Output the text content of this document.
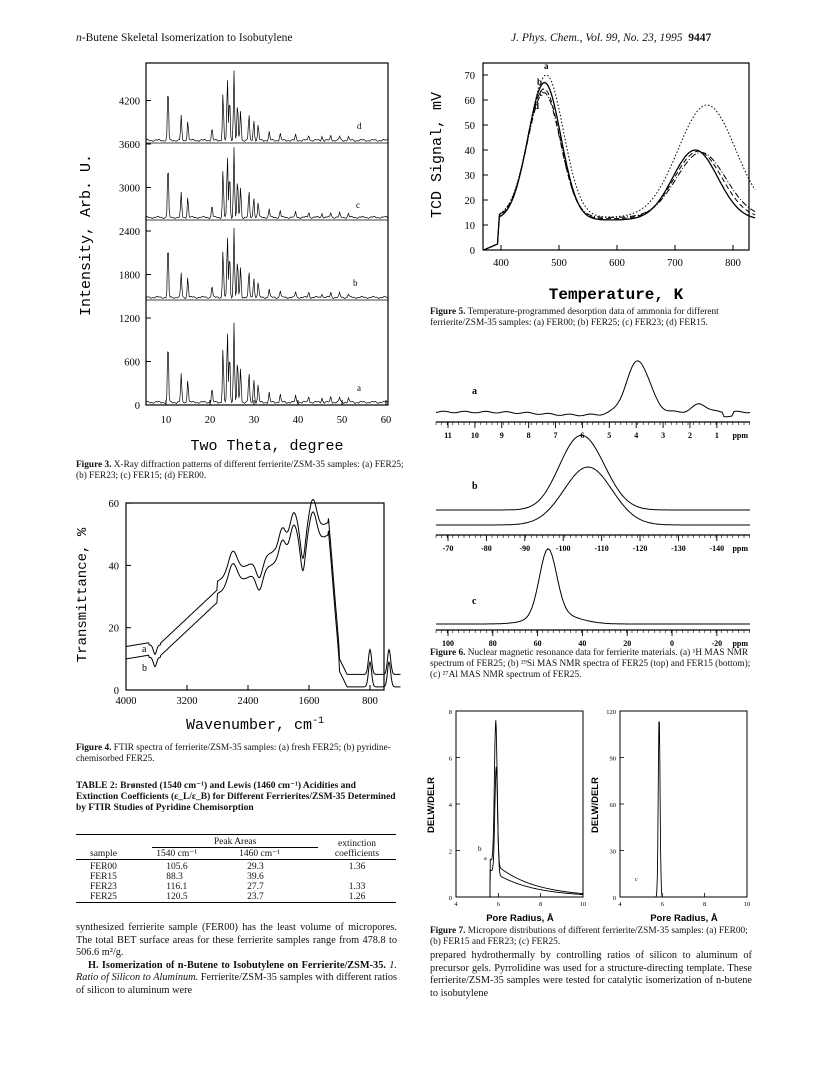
n-Butene Skeletal Isomerization to Isobutylene	J. Phys. Chem., Vol. 99, No. 23, 1995 9447
0
600
1200
1800
2400
3000
3600
4200
10	20	30	40	50	60
a
b
c
d
Intensity, Arb. U.
Two Theta, degree
Figure 3. X-Ray diffraction patterns of different ferrierite/ZSM-35 samples: (a) FER25; (b) FER23; (c) FER15; (d) FER00.
0
20
40
60
4000	3200	2400	1600	800
a
b
Transmittance, %
Wavenumber, $cm^{-1}$
Figure 4. FTIR spectra of ferrierite/ZSM-35 samples: (a) fresh FER25; (b) pyridine-chemisorbed FER25.
TABLE 2: Brønsted (1540 cm⁻¹) and Lewis (1460 cm⁻¹) Acidities and Extinction Coefficients (ε_L/ε_B) for Different Ferrierites/ZSM-35 Determined by FTIR Studies of Pyridine Chemisorption
sample	Peak Areas		extinction coefficients
	1540 cm⁻¹	1460 cm⁻¹	
FER00	105.6	29.3	1.36
FER15	88.3	39.6	
FER23	116.1	27.7	1.33
FER25	120.5	23.7	1.26
synthesized ferrierite sample (FER00) has the least volume of micropores. The total BET surface areas for these ferrierite samples range from 478.8 to 506.6 m²/g.
H. Isomerization of n-Butene to Isobutylene on Ferrierite/ZSM-35. 1. Ratio of Silicon to Aluminum. Ferrierite/ZSM-35 samples with different ratios of silicon to aluminum were
0
10
20
30
40
50
60
70
400	500	600	700	800
a
b
c
d
TCD Signal, mV
Temperature, K
Figure 5. Temperature-programmed desorption data of ammonia for different ferrierite/ZSM-35 samples: (a) FER00; (b) FER25; (c) FER23; (d) FER15.
11 10	9	8	7	6	5	4	3	2	1 ppm
a
-70	-80	-90	-100	-110	-120	-130	-140 ppm
b
100	80	60	40	20	0	-20 ppm
c
Figure 6. Nuclear magnetic resonance data for ferrierite materials. (a) ¹H MAS NMR spectrum of FER25; (b) ²⁹Si MAS NMR spectra of FER25 (top) and FER15 (bottom); (c) ²⁷Al MAS NMR spectrum of FER25.
0
2
4
6
8
4	6	8	10
0
30
60
90
120
4	6	8	10
b
a
c
DELW/DELR	DELW/DELR
Pore Radius, Å	Pore Radius, Å
Figure 7. Micropore distributions of different ferrierite/ZSM-35 samples: (a) FER00; (b) FER15 and FER23; (c) FER25.
prepared hydrothermally by controlling ratios of silicon to aluminum of precursor gels. Pyrrolidine was used for a structure-directing template. These ferrierite/ZSM-35 samples were tested for catalytic isomerization of n-butene to isobutylene
